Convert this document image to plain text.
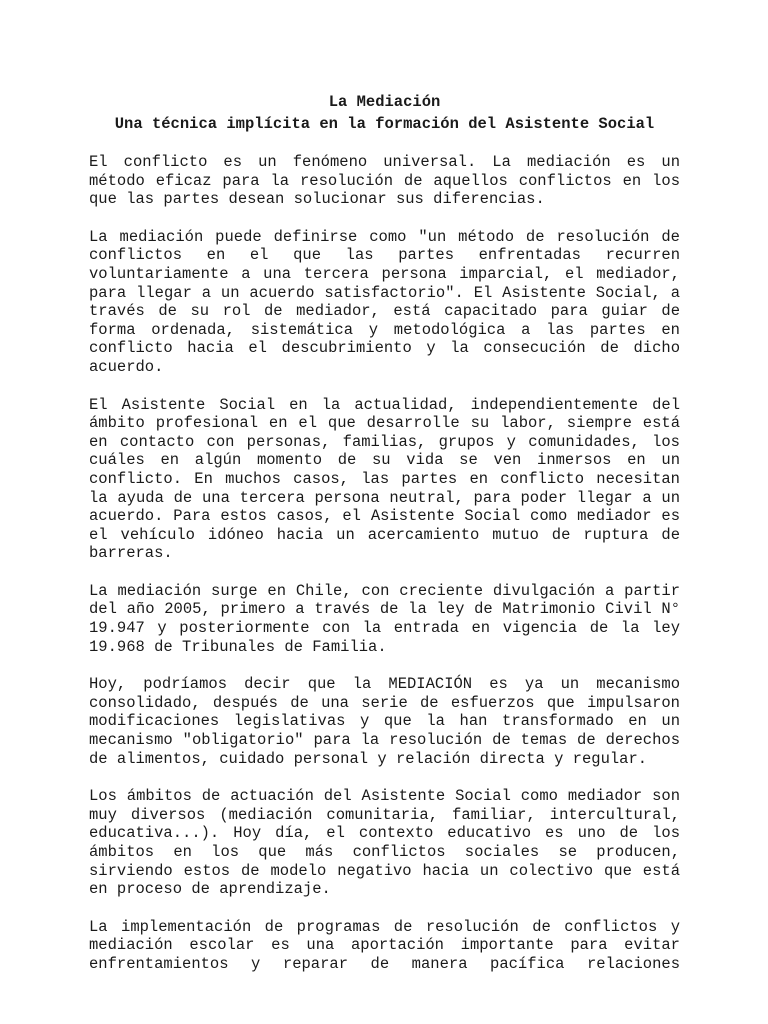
La Mediación
Una técnica implícita en la formación del Asistente Social

El conflicto es un fenómeno universal. La mediación es un método eficaz para la resolución de aquellos conflictos en los que las partes desean solucionar sus diferencias.

La mediación puede definirse como "un método de resolución de conflictos en el que las partes enfrentadas recurren voluntariamente a una tercera persona imparcial, el mediador, para llegar a un acuerdo satisfactorio". El Asistente Social, a través de su rol de mediador, está capacitado para guiar de forma ordenada, sistemática y metodológica a las partes en conflicto hacia el descubrimiento y la consecución de dicho acuerdo.

El Asistente Social en la actualidad, independientemente del ámbito profesional en el que desarrolle su labor, siempre está en contacto con personas, familias, grupos y comunidades, los cuáles en algún momento de su vida se ven inmersos en un conflicto. En muchos casos, las partes en conflicto necesitan la ayuda de una tercera persona neutral, para poder llegar a un acuerdo. Para estos casos, el Asistente Social como mediador es el vehículo idóneo hacia un acercamiento mutuo de ruptura de barreras.

La mediación surge en Chile, con creciente divulgación a partir del año 2005, primero a través de la ley de Matrimonio Civil N° 19.947 y posteriormente con la entrada en vigencia de la ley 19.968 de Tribunales de Familia.

Hoy, podríamos decir que la MEDIACIÓN es ya un mecanismo consolidado, después de una serie de esfuerzos que impulsaron modificaciones legislativas y que la han transformado en un mecanismo "obligatorio" para la resolución de temas de derechos de alimentos, cuidado personal y relación directa y regular.

Los ámbitos de actuación del Asistente Social como mediador son muy diversos (mediación comunitaria, familiar, intercultural, educativa...). Hoy día, el contexto educativo es uno de los ámbitos en los que más conflictos sociales se producen, sirviendo estos de modelo negativo hacia un colectivo que está en proceso de aprendizaje.

La implementación de programas de resolución de conflictos y mediación escolar es una aportación importante para evitar enfrentamientos y reparar de manera pacífica relaciones
